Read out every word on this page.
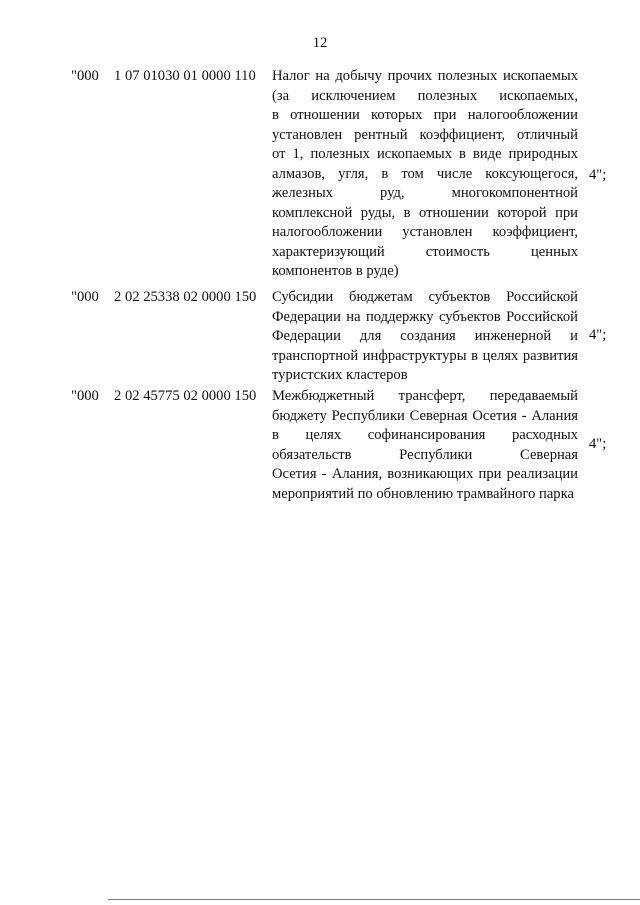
12
"000 1 07 01030 01 0000 110 Налог на добычу прочих полезных ископаемых
(за исключением полезных ископаемых,
в отношении которых при налогообложении
установлен рентный коэффициент, отличный
от 1, полезных ископаемых в виде природных
алмазов, угля, в том числе коксующегося,
железных руд, многокомпонентной
комплексной руды, в отношении которой при
налогообложении установлен коэффициент,
характеризующий стоимость ценных
компонентов в руде)
4";
"000 2 02 25338 02 0000 150 Субсидии бюджетам субъектов Российской
Федерации на поддержку субъектов Российской
Федерации для создания инженерной и
транспортной инфраструктуры в целях развития
туристских кластеров
4";
"000 2 02 45775 02 0000 150 Межбюджетный трансферт, передаваемый
бюджету Республики Северная Осетия - Алания
в целях софинансирования расходных
обязательств Республики Северная
Осетия - Алания, возникающих при реализации
мероприятий по обновлению трамвайного парка
4";
